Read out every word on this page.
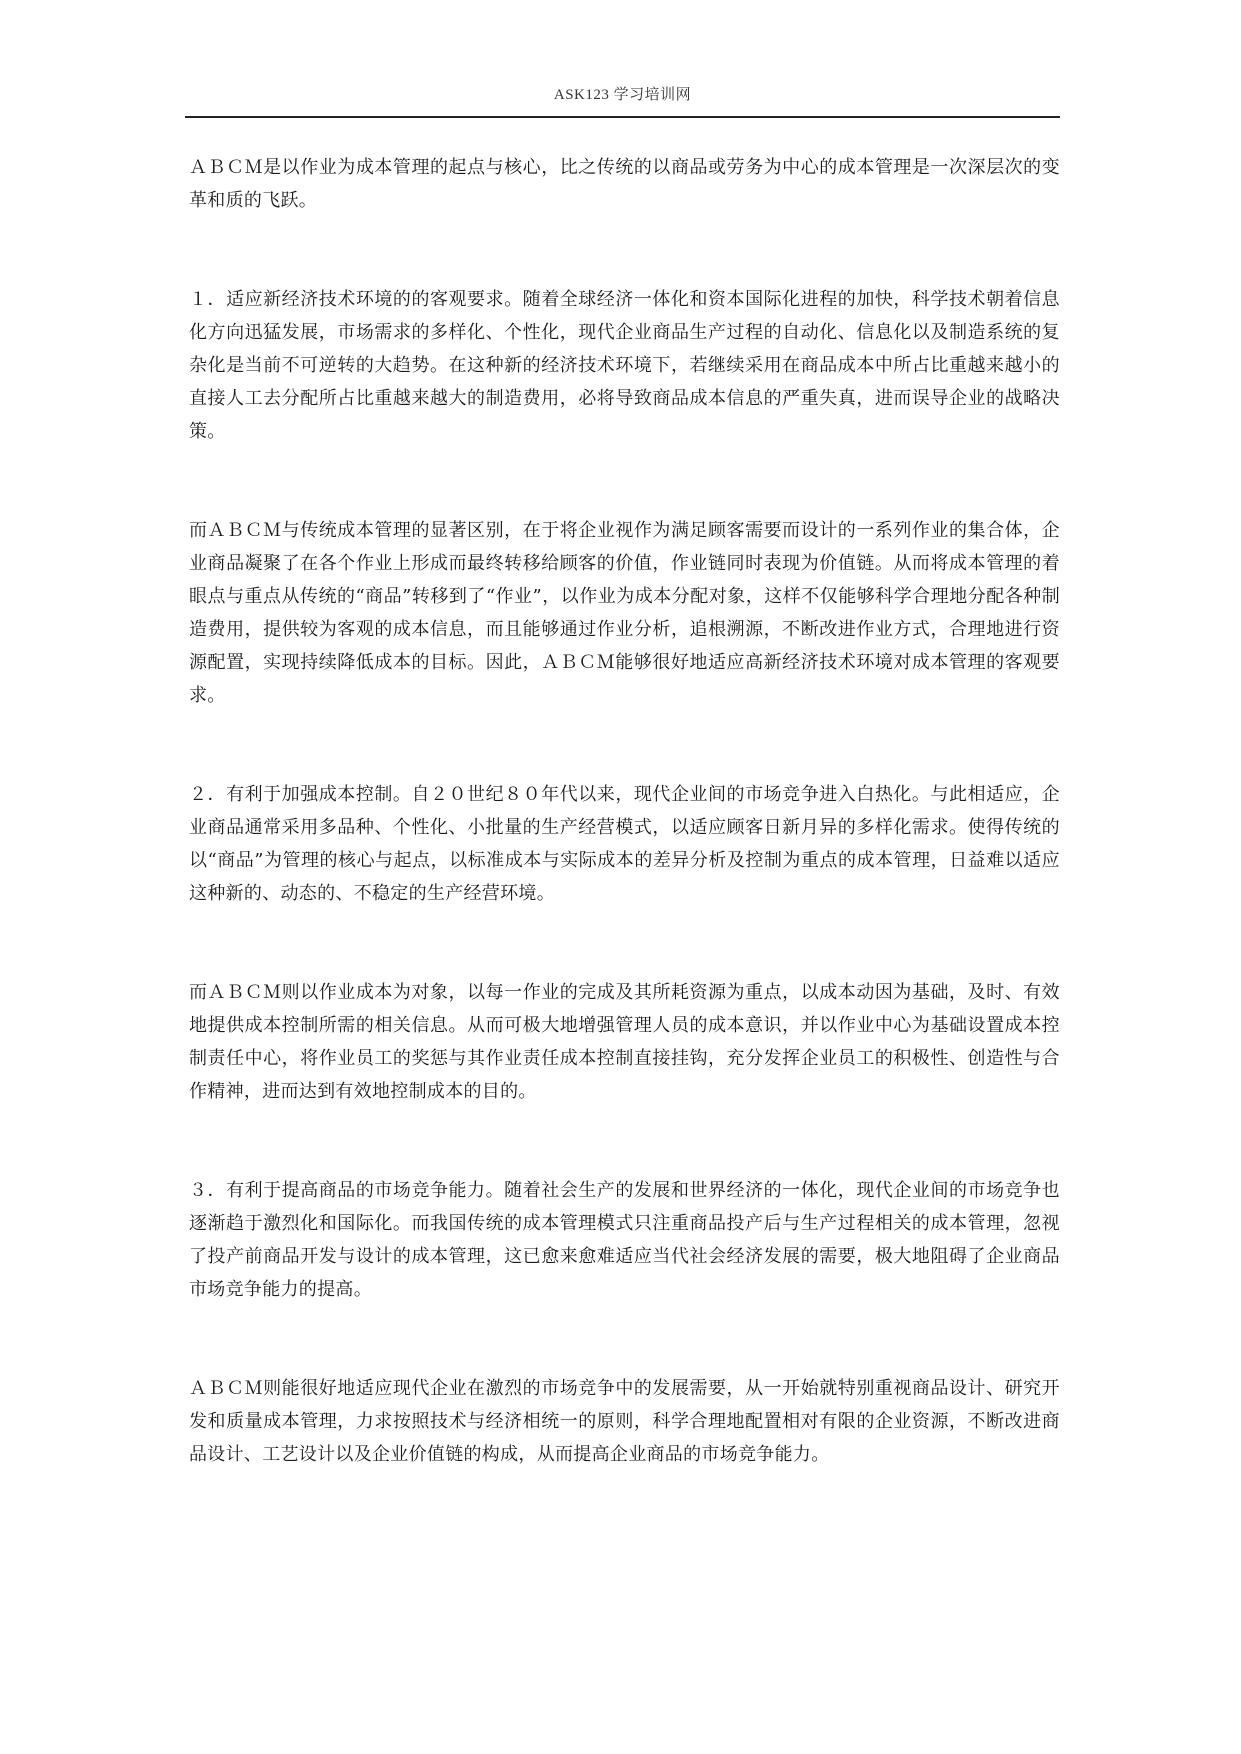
ASK123 学习培训网

ＡＢＣＭ是以作业为成本管理的起点与核心，比之传统的以商品或劳务为中心的成本管理是一次深层次的变革和质的飞跃。

１．适应新经济技术环境的的客观要求。随着全球经济一体化和资本国际化进程的加快，科学技术朝着信息化方向迅猛发展，市场需求的多样化、个性化，现代企业商品生产过程的自动化、信息化以及制造系统的复杂化是当前不可逆转的大趋势。在这种新的经济技术环境下，若继续采用在商品成本中所占比重越来越小的直接人工去分配所占比重越来越大的制造费用，必将导致商品成本信息的严重失真，进而误导企业的战略决策。

而ＡＢＣＭ与传统成本管理的显著区别，在于将企业视作为满足顾客需要而设计的一系列作业的集合体，企业商品凝聚了在各个作业上形成而最终转移给顾客的价值，作业链同时表现为价值链。从而将成本管理的着眼点与重点从传统的“商品”转移到了“作业”，以作业为成本分配对象，这样不仅能够科学合理地分配各种制造费用，提供较为客观的成本信息，而且能够通过作业分析，追根溯源，不断改进作业方式，合理地进行资源配置，实现持续降低成本的目标。因此，ＡＢＣＭ能够很好地适应高新经济技术环境对成本管理的客观要求。

２．有利于加强成本控制。自２０世纪８０年代以来，现代企业间的市场竞争进入白热化。与此相适应，企业商品通常采用多品种、个性化、小批量的生产经营模式，以适应顾客日新月异的多样化需求。使得传统的以“商品”为管理的核心与起点，以标准成本与实际成本的差异分析及控制为重点的成本管理，日益难以适应这种新的、动态的、不稳定的生产经营环境。

而ＡＢＣＭ则以作业成本为对象，以每一作业的完成及其所耗资源为重点，以成本动因为基础，及时、有效地提供成本控制所需的相关信息。从而可极大地增强管理人员的成本意识，并以作业中心为基础设置成本控制责任中心，将作业员工的奖惩与其作业责任成本控制直接挂钩，充分发挥企业员工的积极性、创造性与合作精神，进而达到有效地控制成本的目的。

３．有利于提高商品的市场竞争能力。随着社会生产的发展和世界经济的一体化，现代企业间的市场竞争也逐渐趋于激烈化和国际化。而我国传统的成本管理模式只注重商品投产后与生产过程相关的成本管理，忽视了投产前商品开发与设计的成本管理，这已愈来愈难适应当代社会经济发展的需要，极大地阻碍了企业商品市场竞争能力的提高。

ＡＢＣＭ则能很好地适应现代企业在激烈的市场竞争中的发展需要，从一开始就特别重视商品设计、研究开发和质量成本管理，力求按照技术与经济相统一的原则，科学合理地配置相对有限的企业资源，不断改进商品设计、工艺设计以及企业价值链的构成，从而提高企业商品的市场竞争能力。
